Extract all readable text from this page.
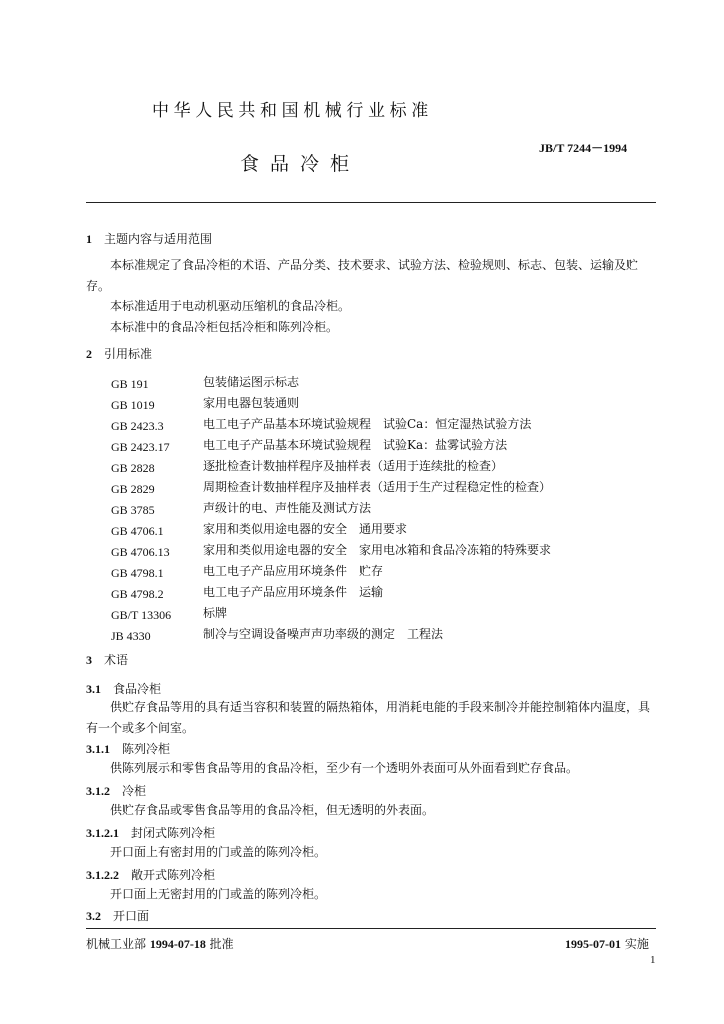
中华人民共和国机械行业标准
食品冷柜
JB/T 7244－1994
1 主题内容与适用范围
本标准规定了食品冷柜的术语、产品分类、技术要求、试验方法、检验规则、标志、包装、运输及贮存。
本标准适用于电动机驱动压缩机的食品冷柜。
本标准中的食品冷柜包括冷柜和陈列冷柜。
2 引用标准
GB 191	包装储运图示标志
GB 1019	家用电器包装通则
GB 2423.3	电工电子产品基本环境试验规程　试验Ca：恒定湿热试验方法
GB 2423.17	电工电子产品基本环境试验规程　试验Ka：盐雾试验方法
GB 2828	逐批检查计数抽样程序及抽样表（适用于连续批的检查）
GB 2829	周期检查计数抽样程序及抽样表（适用于生产过程稳定性的检查）
GB 3785	声级计的电、声性能及测试方法
GB 4706.1	家用和类似用途电器的安全　通用要求
GB 4706.13	家用和类似用途电器的安全　家用电冰箱和食品冷冻箱的特殊要求
GB 4798.1	电工电子产品应用环境条件　贮存
GB 4798.2	电工电子产品应用环境条件　运输
GB/T 13306	标牌
JB 4330	制冷与空调设备噪声声功率级的测定　工程法
3 术语
3.1 食品冷柜
供贮存食品等用的具有适当容积和装置的隔热箱体，用消耗电能的手段来制冷并能控制箱体内温度，具有一个或多个间室。
3.1.1 陈列冷柜
供陈列展示和零售食品等用的食品冷柜，至少有一个透明外表面可从外面看到贮存食品。
3.1.2 冷柜
供贮存食品或零售食品等用的食品冷柜，但无透明的外表面。
3.1.2.1 封闭式陈列冷柜
开口面上有密封用的门或盖的陈列冷柜。
3.1.2.2 敞开式陈列冷柜
开口面上无密封用的门或盖的陈列冷柜。
3.2 开口面
机械工业部 1994-07-18 批准	1995-07-01 实施
1
